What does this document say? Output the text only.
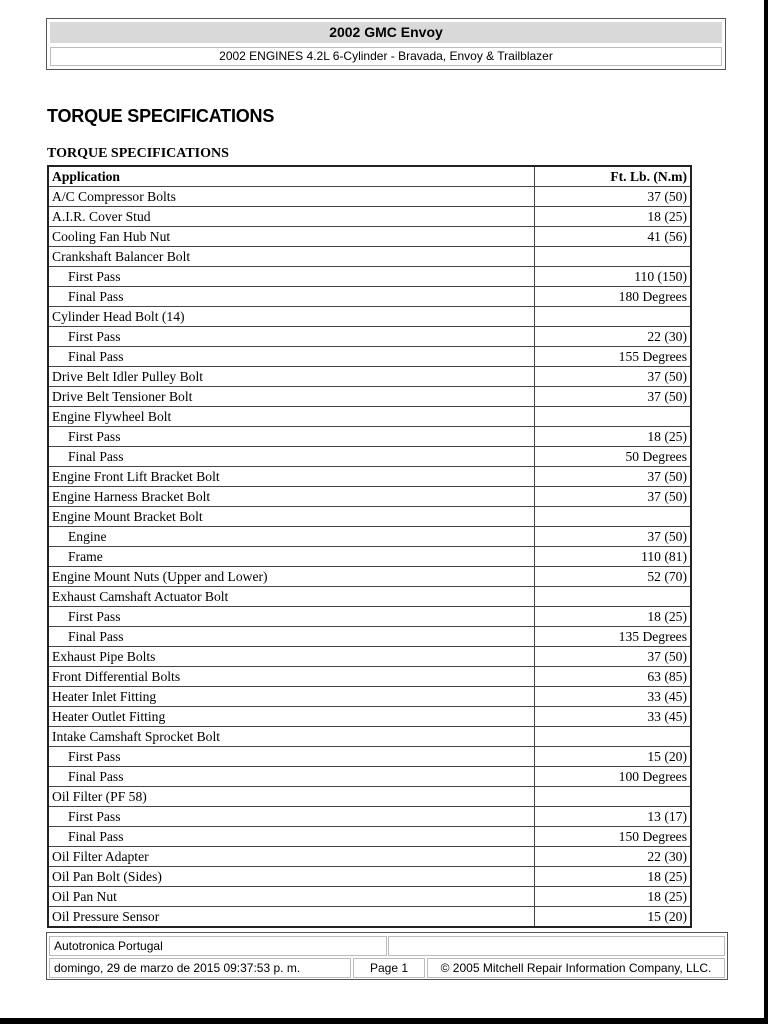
2002 GMC Envoy
2002 ENGINES 4.2L 6-Cylinder - Bravada, Envoy & Trailblazer
TORQUE SPECIFICATIONS
TORQUE SPECIFICATIONS
Application	Ft. Lb. (N.m)
A/C Compressor Bolts	37 (50)
A.I.R. Cover Stud	18 (25)
Cooling Fan Hub Nut	41 (56)
Crankshaft Balancer Bolt	
First Pass	110 (150)
Final Pass	180 Degrees
Cylinder Head Bolt (14)	
First Pass	22 (30)
Final Pass	155 Degrees
Drive Belt Idler Pulley Bolt	37 (50)
Drive Belt Tensioner Bolt	37 (50)
Engine Flywheel Bolt	
First Pass	18 (25)
Final Pass	50 Degrees
Engine Front Lift Bracket Bolt	37 (50)
Engine Harness Bracket Bolt	37 (50)
Engine Mount Bracket Bolt	
Engine	37 (50)
Frame	110 (81)
Engine Mount Nuts (Upper and Lower)	52 (70)
Exhaust Camshaft Actuator Bolt	
First Pass	18 (25)
Final Pass	135 Degrees
Exhaust Pipe Bolts	37 (50)
Front Differential Bolts	63 (85)
Heater Inlet Fitting	33 (45)
Heater Outlet Fitting	33 (45)
Intake Camshaft Sprocket Bolt	
First Pass	15 (20)
Final Pass	100 Degrees
Oil Filter (PF 58)	
First Pass	13 (17)
Final Pass	150 Degrees
Oil Filter Adapter	22 (30)
Oil Pan Bolt (Sides)	18 (25)
Oil Pan Nut	18 (25)
Oil Pressure Sensor	15 (20)
Autotronica Portugal
domingo, 29 de marzo de 2015 09:37:53 p. m.	Page 1	© 2005 Mitchell Repair Information Company, LLC.
